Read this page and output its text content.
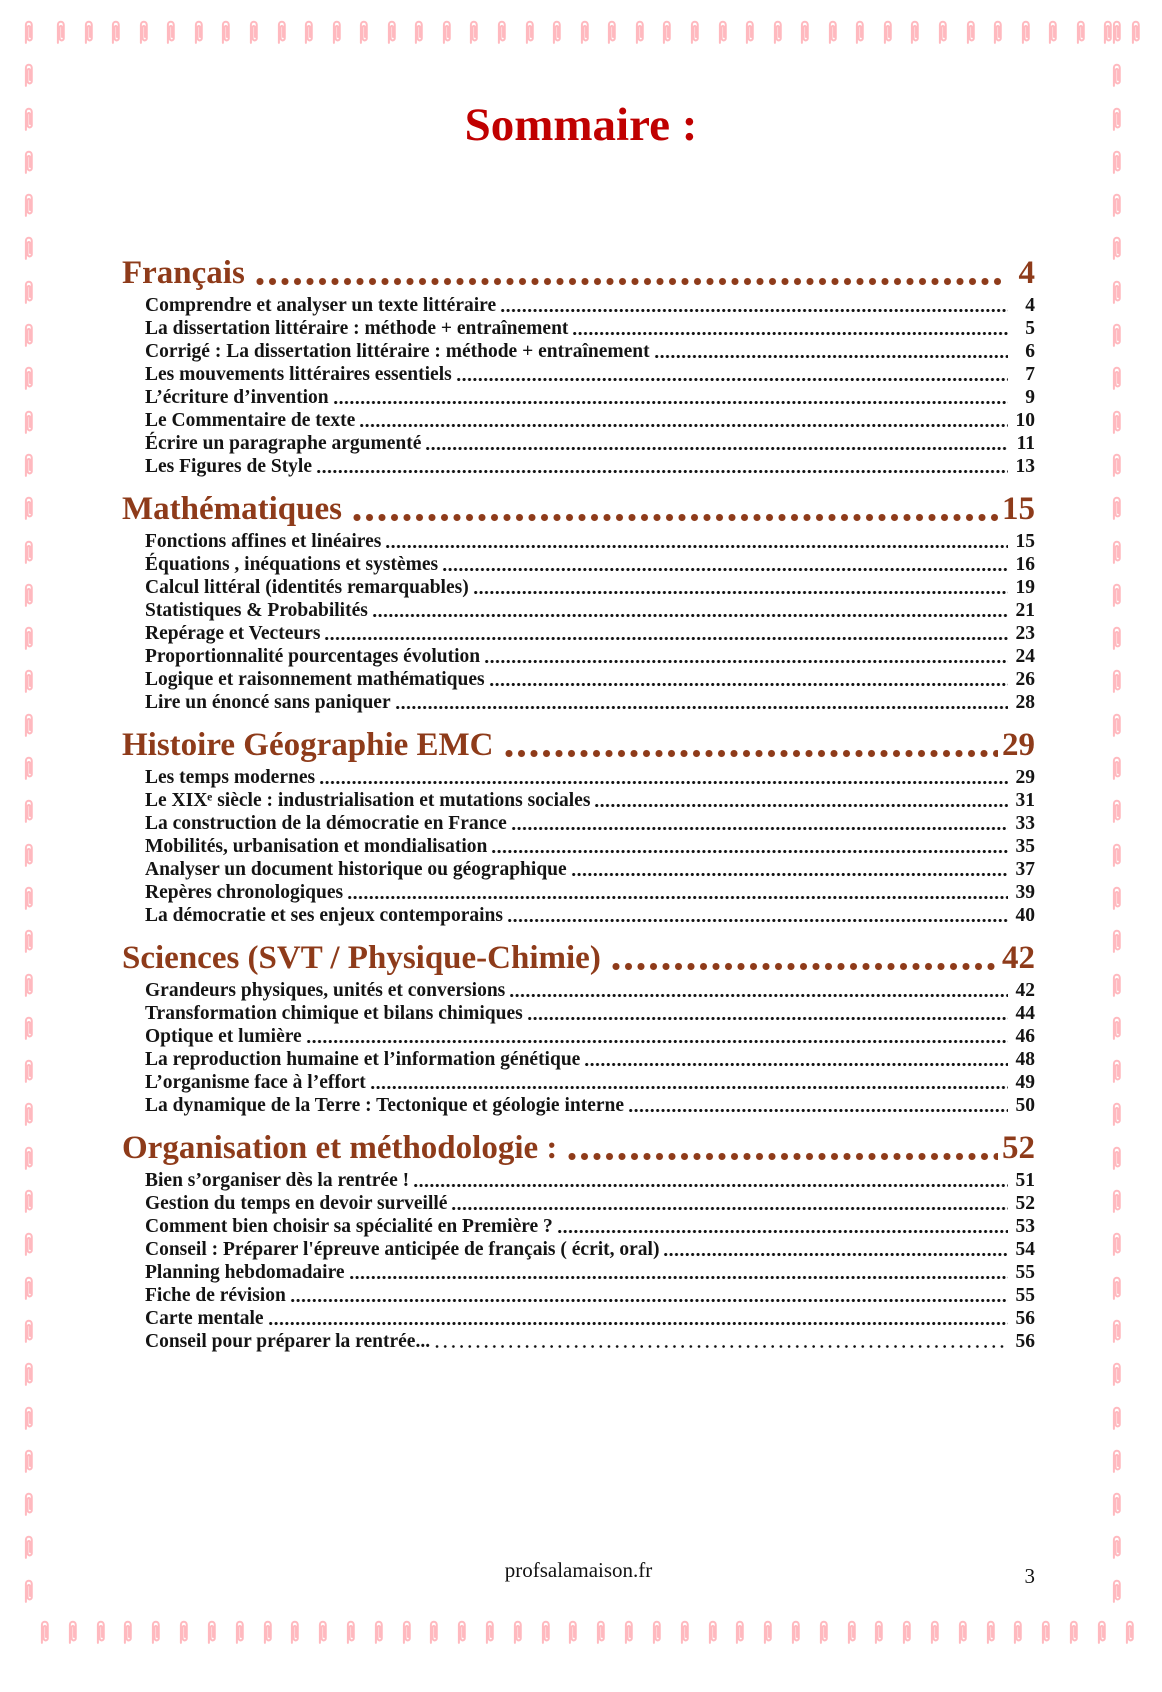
Sommaire :
Français	4
Comprendre et analyser un texte littéraire	4
La dissertation littéraire : méthode + entraînement	5
Corrigé : La dissertation littéraire : méthode + entraînement	6
Les mouvements littéraires essentiels	7
L’écriture d’invention	9
Le Commentaire de texte	10
Écrire un paragraphe argumenté	11
Les Figures de Style	13
Mathématiques	15
Fonctions affines et linéaires	15
Équations , inéquations et systèmes	16
Calcul littéral (identités remarquables)	19
Statistiques & Probabilités	21
Repérage et Vecteurs	23
Proportionnalité pourcentages évolution	24
Logique et raisonnement mathématiques	26
Lire un énoncé sans paniquer	28
Histoire Géographie EMC	29
Les temps modernes	29
Le XIXᵉ siècle : industrialisation et mutations sociales	31
La construction de la démocratie en France	33
Mobilités, urbanisation et mondialisation	35
Analyser un document historique ou géographique	37
Repères chronologiques	39
La démocratie et ses enjeux contemporains	40
Sciences (SVT / Physique-Chimie)	42
Grandeurs physiques, unités et conversions	42
Transformation chimique et bilans chimiques	44
Optique et lumière	46
La reproduction humaine et l’information génétique	48
L’organisme face à l’effort	49
La dynamique de la Terre : Tectonique et géologie interne	50
Organisation et méthodologie :	52
Bien s’organiser dès la rentrée !	51
Gestion du temps en devoir surveillé	52
Comment bien choisir sa spécialité en Première ?	53
Conseil : Préparer l'épreuve anticipée de français ( écrit, oral)	54
Planning hebdomadaire	55
Fiche de révision	55
Carte mentale	56
Conseil pour préparer la rentrée...	56
profsalamaison.fr	3
